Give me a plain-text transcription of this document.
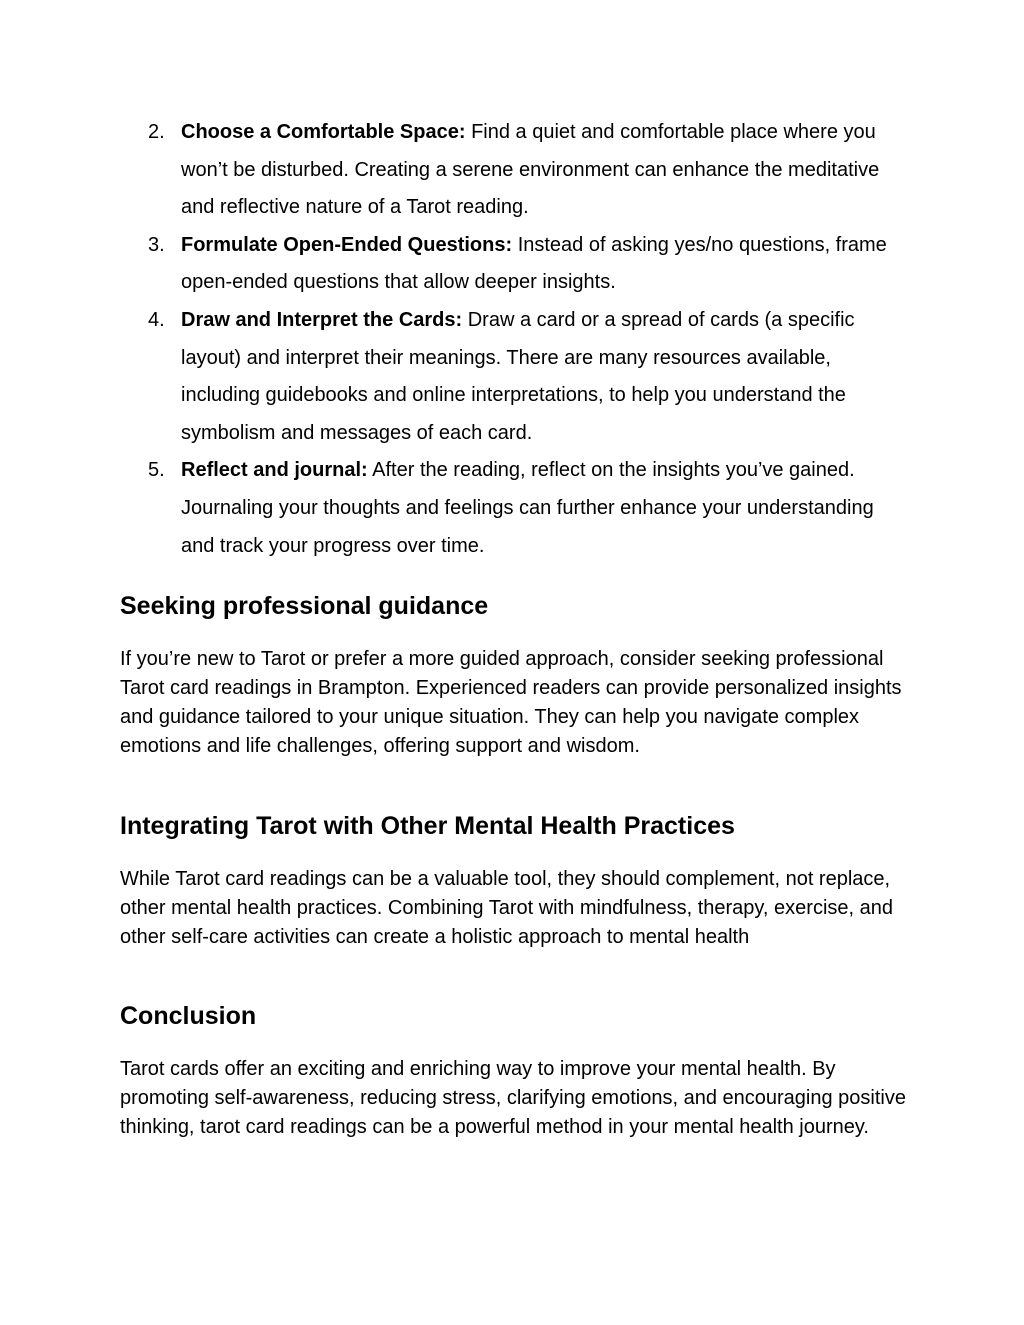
2. Choose a Comfortable Space: Find a quiet and comfortable place where you won’t be disturbed. Creating a serene environment can enhance the meditative and reflective nature of a Tarot reading.
3. Formulate Open-Ended Questions: Instead of asking yes/no questions, frame open-ended questions that allow deeper insights.
4. Draw and Interpret the Cards: Draw a card or a spread of cards (a specific layout) and interpret their meanings. There are many resources available, including guidebooks and online interpretations, to help you understand the symbolism and messages of each card.
5. Reflect and journal: After the reading, reflect on the insights you’ve gained. Journaling your thoughts and feelings can further enhance your understanding and track your progress over time.
Seeking professional guidance

If you’re new to Tarot or prefer a more guided approach, consider seeking professional Tarot card readings in Brampton. Experienced readers can provide personalized insights and guidance tailored to your unique situation. They can help you navigate complex emotions and life challenges, offering support and wisdom.

Integrating Tarot with Other Mental Health Practices

While Tarot card readings can be a valuable tool, they should complement, not replace, other mental health practices. Combining Tarot with mindfulness, therapy, exercise, and other self-care activities can create a holistic approach to mental health

Conclusion

Tarot cards offer an exciting and enriching way to improve your mental health. By promoting self-awareness, reducing stress, clarifying emotions, and encouraging positive thinking, tarot card readings can be a powerful method in your mental health journey.
